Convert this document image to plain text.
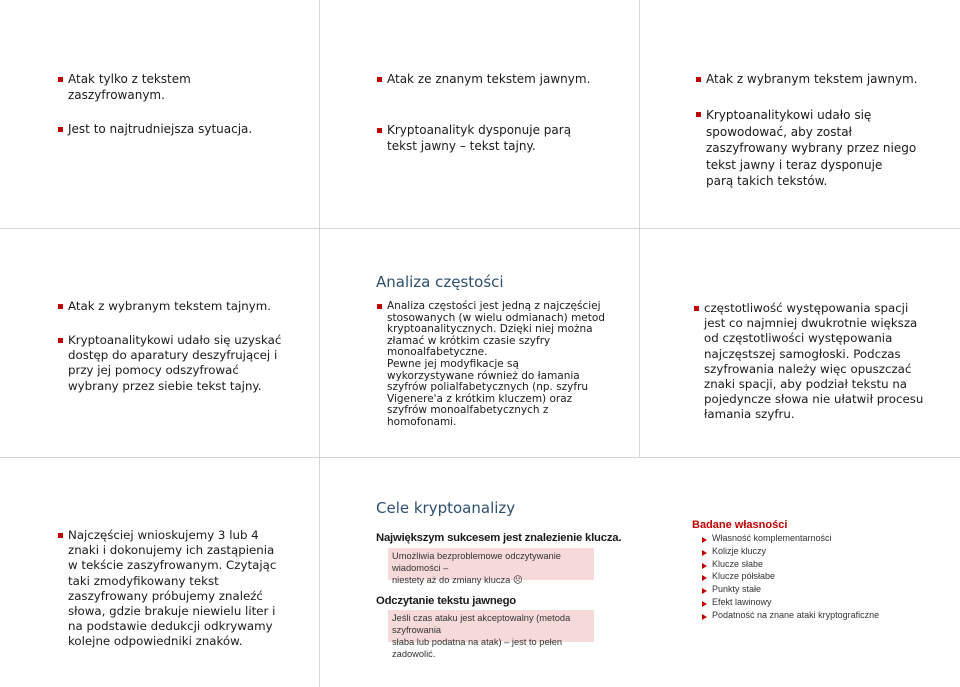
Atak tylko z tekstem
zaszyfrowanym.
Jest to najtrudniejsza sytuacja.
Atak ze znanym tekstem jawnym.
Kryptoanalityk dysponuje parą
tekst jawny – tekst tajny.
Atak z wybranym tekstem jawnym.
Kryptoanalitykowi udało się
spowodować, aby został
zaszyfrowany wybrany przez niego
tekst jawny i teraz dysponuje
parą takich tekstów.
Atak z wybranym tekstem tajnym.
Kryptoanalitykowi udało się uzyskać
dostęp do aparatury deszyfrującej i
przy jej pomocy odszyfrować
wybrany przez siebie tekst tajny.
Analiza częstości
Analiza częstości jest jedną z najczęściej
stosowanych (w wielu odmianach) metod
kryptoanalitycznych. Dzięki niej można
złamać w krótkim czasie szyfry
monoalfabetyczne.
Pewne jej modyfikacje są
wykorzystywane również do łamania
szyfrów polialfabetycznych (np. szyfru
Vigenere'a z krótkim kluczem) oraz
szyfrów monoalfabetycznych z
homofonami.
częstotliwość występowania spacji
jest co najmniej dwukrotnie większa
od częstotliwości występowania
najczęstszej samogłoski. Podczas
szyfrowania należy więc opuszczać
znaki spacji, aby podział tekstu na
pojedyncze słowa nie ułatwił procesu
łamania szyfru.
Najczęściej wnioskujemy 3 lub 4
znaki i dokonujemy ich zastąpienia
w tekście zaszyfrowanym. Czytając
taki zmodyfikowany tekst
zaszyfrowany próbujemy znaleźć
słowa, gdzie brakuje niewielu liter i
na podstawie dedukcji odkrywamy
kolejne odpowiedniki znaków.
Cele kryptoanalizy
Największym sukcesem jest znalezienie klucza.
Umożliwia bezproblemowe odczytywanie wiadomości –
niestety aż do zmiany klucza ☹
Odczytanie tekstu jawnego
Jeśli czas ataku jest akceptowalny (metoda szyfrowania
słaba lub podatna na atak) – jest to pełen zadowolić.
Badane własności
Własność komplementarności
Kolizje kluczy
Klucze słabe
Klucze półsłabe
Punkty stałe
Efekt lawinowy
Podatność na znane ataki kryptograficzne
